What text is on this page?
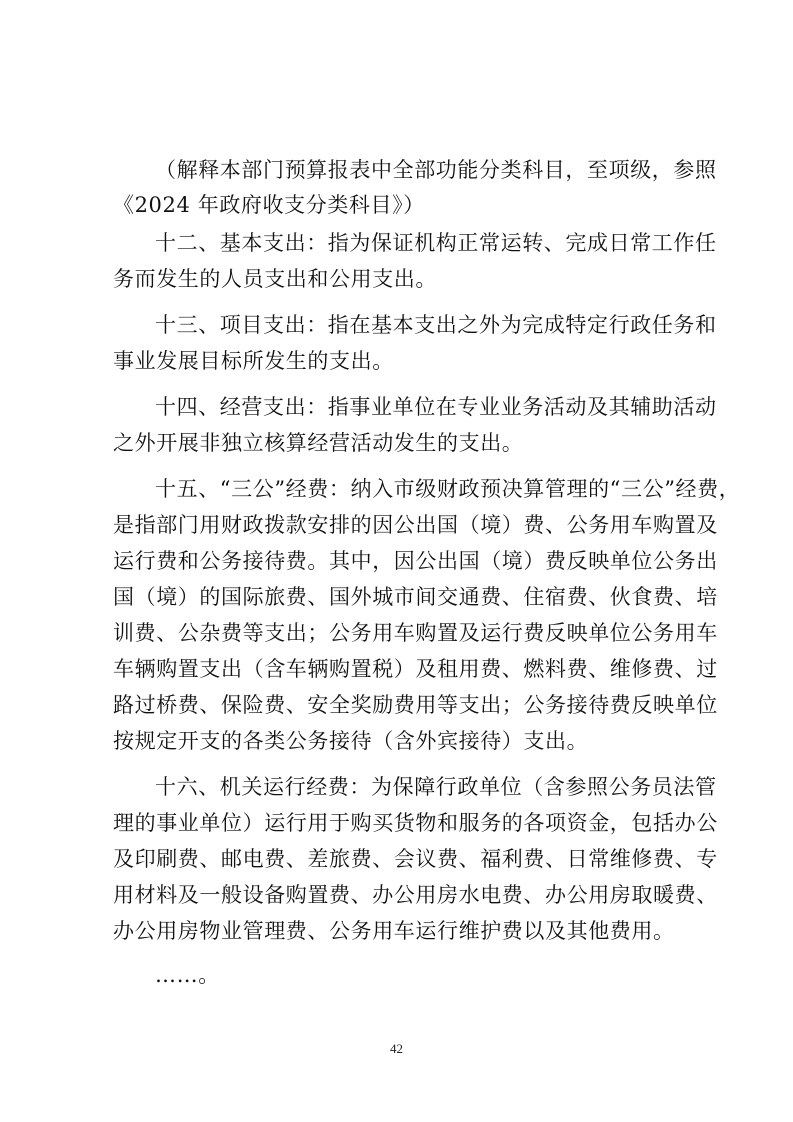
（解释本部门预算报表中全部功能分类科目，至项级，参照
《2024 年政府收支分类科目》）
十二、基本支出：指为保证机构正常运转、完成日常工作任
务而发生的人员支出和公用支出。
十三、项目支出：指在基本支出之外为完成特定行政任务和
事业发展目标所发生的支出。
十四、经营支出：指事业单位在专业业务活动及其辅助活动
之外开展非独立核算经营活动发生的支出。
十五、“三公”经费：纳入市级财政预决算管理的“三公”经费，
是指部门用财政拨款安排的因公出国（境）费、公务用车购置及
运行费和公务接待费。其中，因公出国（境）费反映单位公务出
国（境）的国际旅费、国外城市间交通费、住宿费、伙食费、培
训费、公杂费等支出；公务用车购置及运行费反映单位公务用车
车辆购置支出（含车辆购置税）及租用费、燃料费、维修费、过
路过桥费、保险费、安全奖励费用等支出；公务接待费反映单位
按规定开支的各类公务接待（含外宾接待）支出。
十六、机关运行经费：为保障行政单位（含参照公务员法管
理的事业单位）运行用于购买货物和服务的各项资金，包括办公
及印刷费、邮电费、差旅费、会议费、福利费、日常维修费、专
用材料及一般设备购置费、办公用房水电费、办公用房取暖费、
办公用房物业管理费、公务用车运行维护费以及其他费用。
……。
42
